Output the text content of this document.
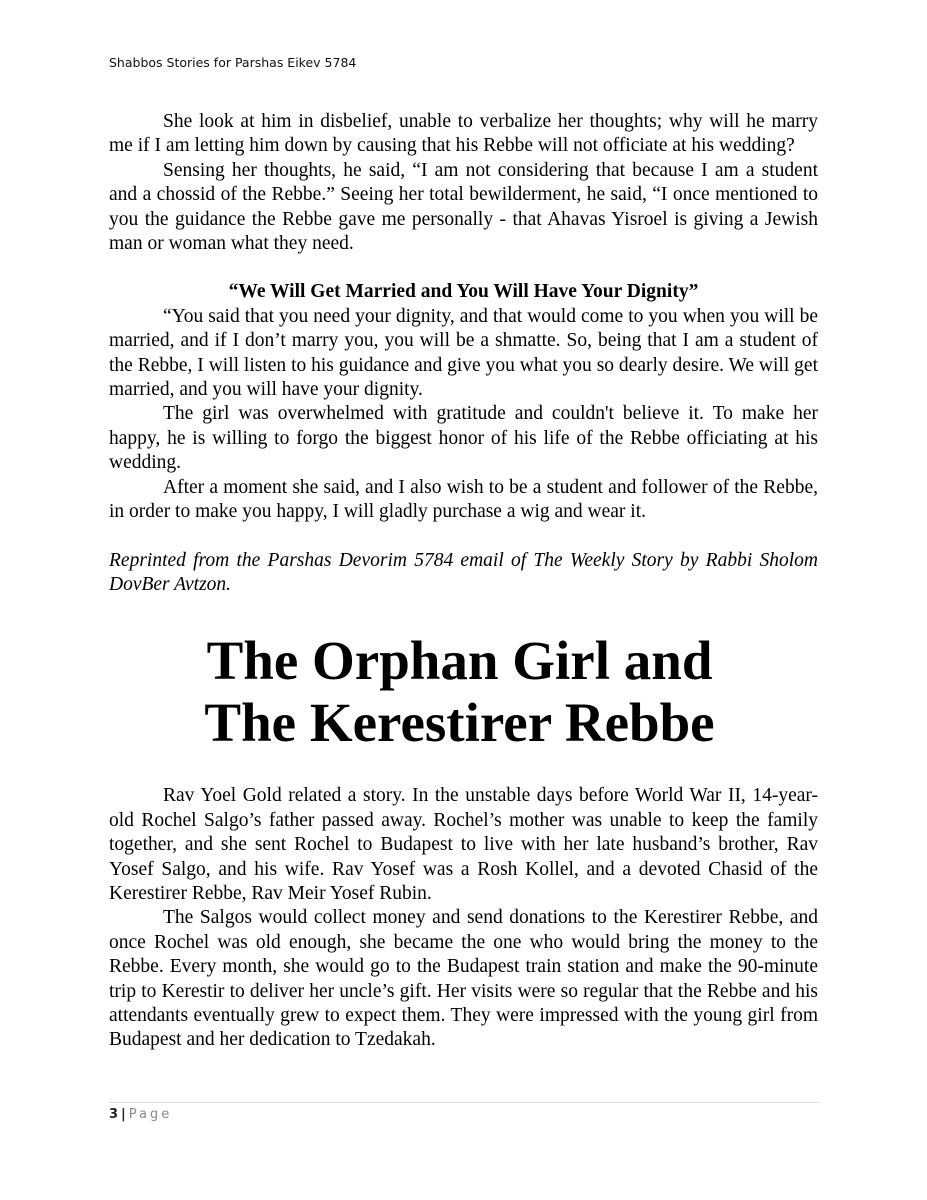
Shabbos Stories for Parshas Eikev 5784

She look at him in disbelief, unable to verbalize her thoughts; why will he marry me if I am letting him down by causing that his Rebbe will not officiate at his wedding?

Sensing her thoughts, he said, “I am not considering that because I am a student and a chossid of the Rebbe.” Seeing her total bewilderment, he said, “I once mentioned to you the guidance the Rebbe gave me personally - that Ahavas Yisroel is giving a Jewish man or woman what they need.

“We Will Get Married and You Will Have Your Dignity”

“You said that you need your dignity, and that would come to you when you will be married, and if I don’t marry you, you will be a shmatte. So, being that I am a student of the Rebbe, I will listen to his guidance and give you what you so dearly desire. We will get married, and you will have your dignity.

The girl was overwhelmed with gratitude and couldn't believe it. To make her happy, he is willing to forgo the biggest honor of his life of the Rebbe officiating at his wedding.

After a moment she said, and I also wish to be a student and follower of the Rebbe, in order to make you happy, I will gladly purchase a wig and wear it.

Reprinted from the Parshas Devorim 5784 email of The Weekly Story by Rabbi Sholom DovBer Avtzon.

The Orphan Girl and
The Kerestirer Rebbe

Rav Yoel Gold related a story. In the unstable days before World War II, 14-year-old Rochel Salgo’s father passed away. Rochel’s mother was unable to keep the family together, and she sent Rochel to Budapest to live with her late husband’s brother, Rav Yosef Salgo, and his wife. Rav Yosef was a Rosh Kollel, and a devoted Chasid of the Kerestirer Rebbe, Rav Meir Yosef Rubin.

The Salgos would collect money and send donations to the Kerestirer Rebbe, and once Rochel was old enough, she became the one who would bring the money to the Rebbe. Every month, she would go to the Budapest train station and make the 90-minute trip to Kerestir to deliver her uncle’s gift. Her visits were so regular that the Rebbe and his attendants eventually grew to expect them. They were impressed with the young girl from Budapest and her dedication to Tzedakah.

3 | Page
